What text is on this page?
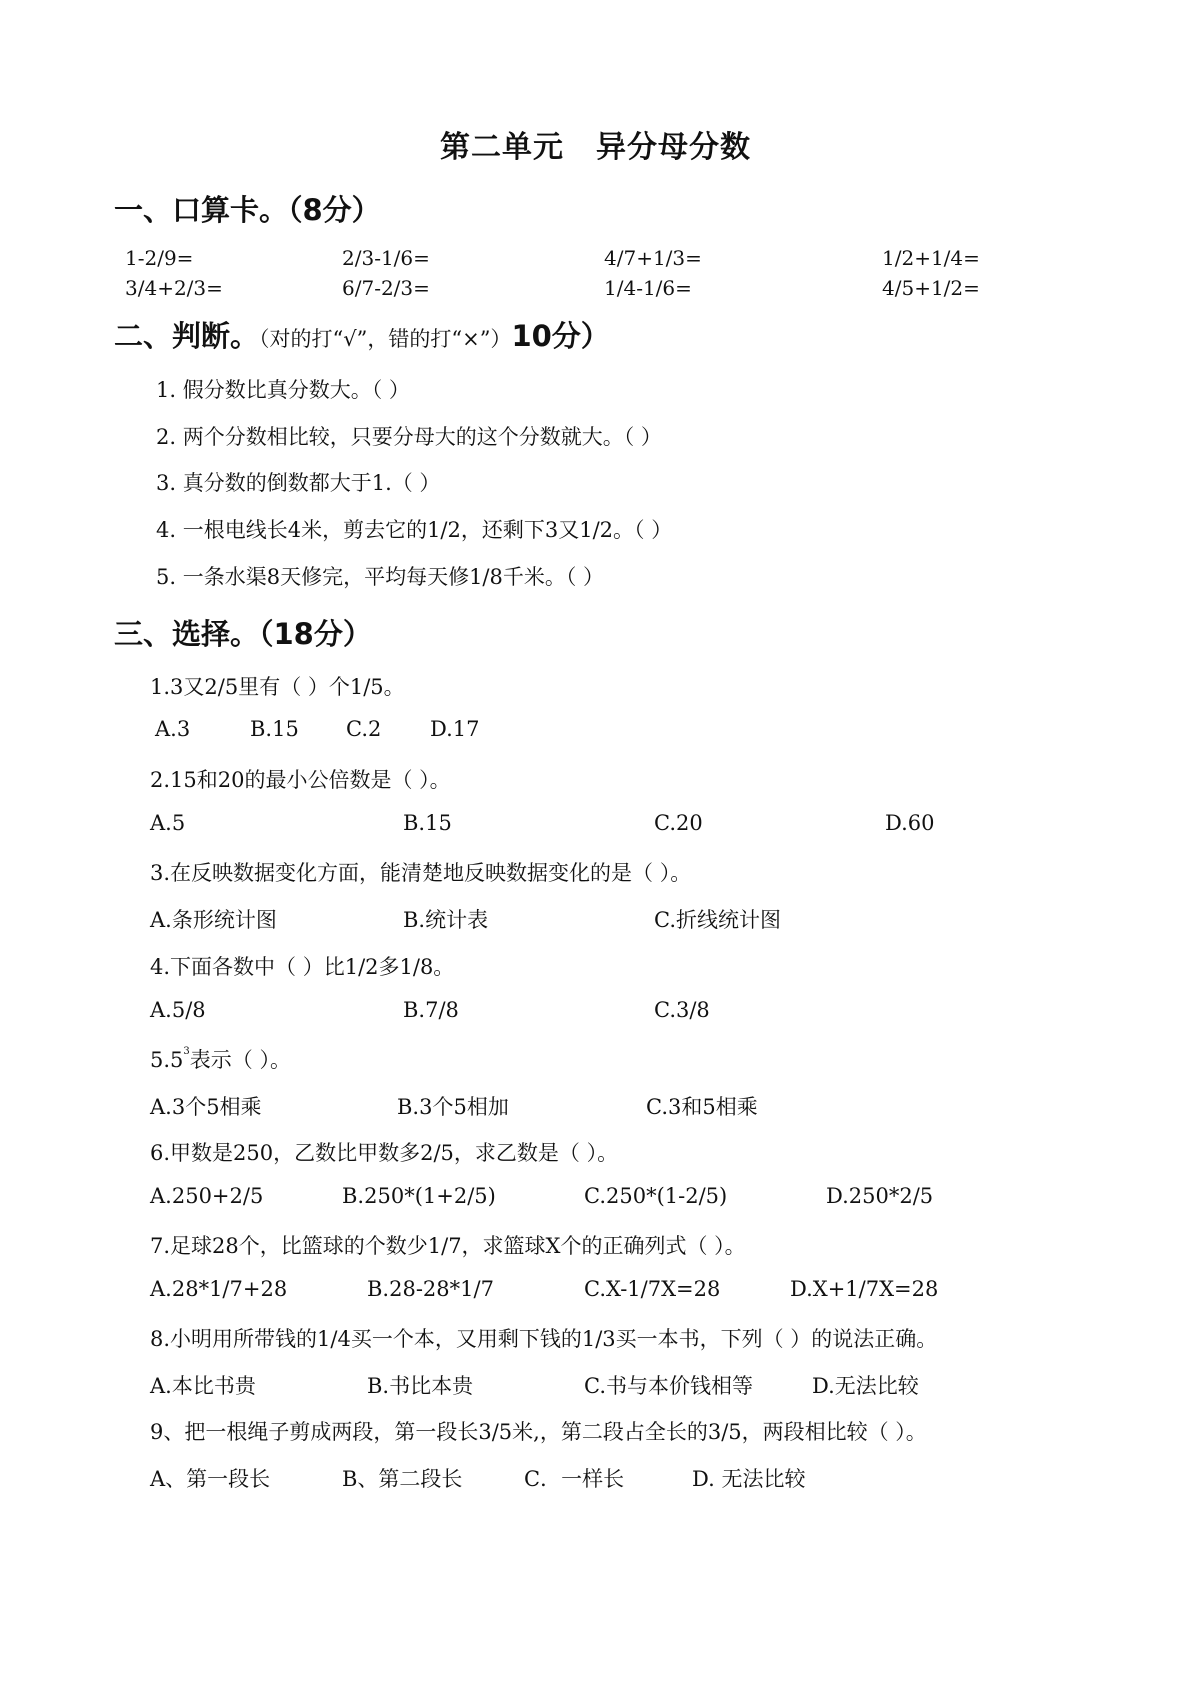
第二单元 异分母分数
一、口算卡。（8分）
1-2/9=	2/3-1/6=	4/7+1/3=	1/2+1/4=
3/4+2/3=	6/7-2/3=	1/4-1/6=	4/5+1/2=
二、判断。（对的打“√”，错的打“×”）10分）
1. 假分数比真分数大。（ ）
2. 两个分数相比较，只要分母大的这个分数就大。（ ）
3. 真分数的倒数都大于1.（ ）
4. 一根电线长4米，剪去它的1/2，还剩下3又1/2。（ ）
5. 一条水渠8天修完，平均每天修1/8千米。（ ）
三、选择。（18分）
1.3又2/5里有（ ）个1/5。
A.3	B.15 C.2 D.17
2.15和20的最小公倍数是（ ）。
A.5	B.15	C.20	D.60
3.在反映数据变化方面，能清楚地反映数据变化的是（ ）。
A.条形统计图	B.统计表	C.折线统计图
4.下面各数中（ ）比1/2多1/8。
A.5/8	B.7/8	C.3/8
$5.5^3$表示（ ）。
A.3个5相乘	B.3个5相加	C.3和5相乘
6.甲数是250，乙数比甲数多2/5，求乙数是（ ）。
A.250+2/5	B.250*(1+2/5)	C.250*(1-2/5)	D.250*2/5
7.足球28个，比篮球的个数少1/7，求篮球X个的正确列式（ ）。
A.28*1/7+28	B.28-28*1/7	C.X-1/7X=28	D.X+1/7X=28
8.小明用所带钱的1/4买一个本，又用剩下钱的1/3买一本书，下列（ ）的说法正确。
A.本比书贵	B.书比本贵	C.书与本价钱相等	D.无法比较
9、把一根绳子剪成两段，第一段长3/5米,，第二段占全长的3/5，两段相比较（ ）。
A、第一段长	B、第二段长	C．一样长	D. 无法比较
